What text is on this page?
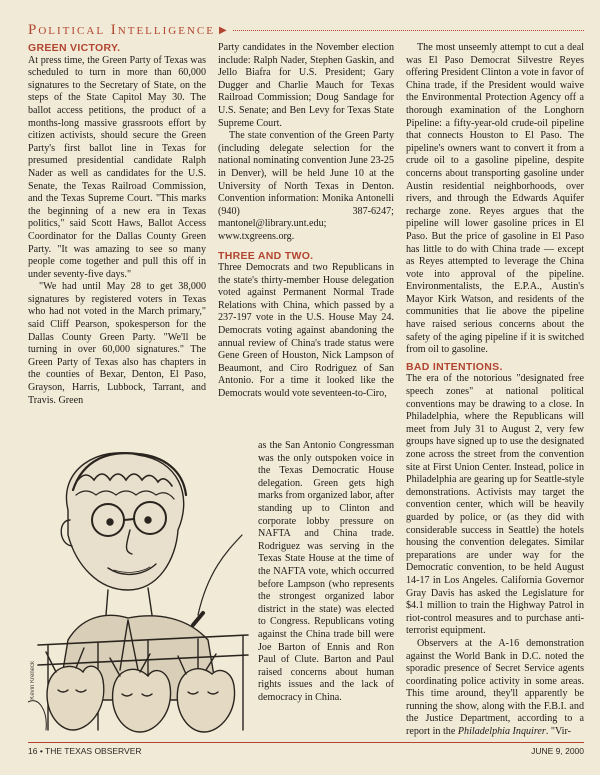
Political Intelligence ▶
GREEN VICTORY.

At press time, the Green Party of Texas was scheduled to turn in more than 60,000 signatures to the Secretary of State, on the steps of the State Capitol May 30. The ballot access petitions, the product of a months-long massive grassroots effort by citizen activists, should secure the Green Party's first ballot line in Texas for presumed presidential candidate Ralph Nader as well as candidates for the U.S. Senate, the Texas Railroad Commission, and the Texas Supreme Court. "This marks the beginning of a new era in Texas politics," said Scott Haws, Ballot Access Coordinator for the Dallas County Green Party. "It was amazing to see so many people come together and pull this off in under seventy-five days."

"We had until May 28 to get 38,000 signatures by registered voters in Texas who had not voted in the March primary," said Cliff Pearson, spokesperson for the Dallas County Green Party. "We'll be turning in over 60,000 signatures." The Green Party of Texas also has chapters in the counties of Bexar, Denton, El Paso, Grayson, Harris, Lubbock, Tarrant, and Travis. Green

Party candidates in the November election include: Ralph Nader, Stephen Gaskin, and Jello Biafra for U.S. President; Gary Dugger and Charlie Mauch for Texas Railroad Commission; Doug Sandage for U.S. Senate; and Ben Levy for Texas State Supreme Court.

The state convention of the Green Party (including delegate selection for the national nominating convention June 23-25 in Denver), will be held June 10 at the University of North Texas in Denton. Convention information: Monika Antonelli (940) 387-6247; mantonel@library.unt.edu; www.txgreens.org.

THREE AND TWO.

Three Democrats and two Republicans in the state's thirty-member House delegation voted against Permanent Normal Trade Relations with China, which passed by a 237-197 vote in the U.S. House May 24. Democrats voting against abandoning the annual review of China's trade status were Gene Green of Houston, Nick Lampson of Beaumont, and Ciro Rodriguez of San Antonio. For a time it looked like the Democrats would vote seventeen-to-Ciro,

as the San Antonio Congressman was the only outspoken voice in the Texas Democratic House delegation. Green gets high marks from organized labor, after standing up to Clinton and corporate lobby pressure on NAFTA and China trade. Rodriguez was serving in the Texas State House at the time of the NAFTA vote, which occurred before Lampson (who represents the strongest organized labor district in the state) was elected to Congress. Republicans voting against the China trade bill were Joe Barton of Ennis and Ron Paul of Clute. Barton and Paul raised concerns about human rights issues and the lack of democracy in China.

The most unseemly attempt to cut a deal was El Paso Democrat Silvestre Reyes offering President Clinton a vote in favor of China trade, if the President would waive the Environmental Protection Agency off a thorough examination of the Longhorn Pipeline: a fifty-year-old crude-oil pipeline that connects Houston to El Paso. The pipeline's owners want to convert it from a crude oil to a gasoline pipeline, despite concerns about transporting gasoline under Austin residential neighborhoods, over rivers, and through the Edwards Aquifer recharge zone. Reyes argues that the pipeline will lower gasoline prices in El Paso. But the price of gasoline in El Paso has little to do with China trade — except as Reyes attempted to leverage the China vote into approval of the pipeline. Environmentalists, the E.P.A., Austin's Mayor Kirk Watson, and residents of the communities that lie above the pipeline have raised serious concerns about the safety of the aging pipeline if it is switched from oil to gasoline.

BAD INTENTIONS.

The era of the notorious "designated free speech zones" at national political conventions may be drawing to a close. In Philadelphia, where the Republicans will meet from July 31 to August 2, very few groups have signed up to use the designated zone across the street from the convention site at First Union Center. Instead, police in Philadelphia are gearing up for Seattle-style demonstrations. Activists may target the convention center, which will be heavily guarded by police, or (as they did with considerable success in Seattle) the hotels housing the convention delegates. Similar preparations are under way for the Democratic convention, to be held August 14-17 in Los Angeles. California Governor Gray Davis has asked the Legislature for $4.1 million to train the Highway Patrol in riot-control measures and to purchase anti-terrorist equipment.

Observers at the A-16 demonstration against the World Bank in D.C. noted the sporadic presence of Secret Service agents coordinating police activity in some areas. This time around, they'll apparently be running the show, along with the F.B.I. and the Justice Department, according to a report in the Philadelphia Inquirer. "Vir-

Kevin Kreneck
16 • THE TEXAS OBSERVER	JUNE 9, 2000
